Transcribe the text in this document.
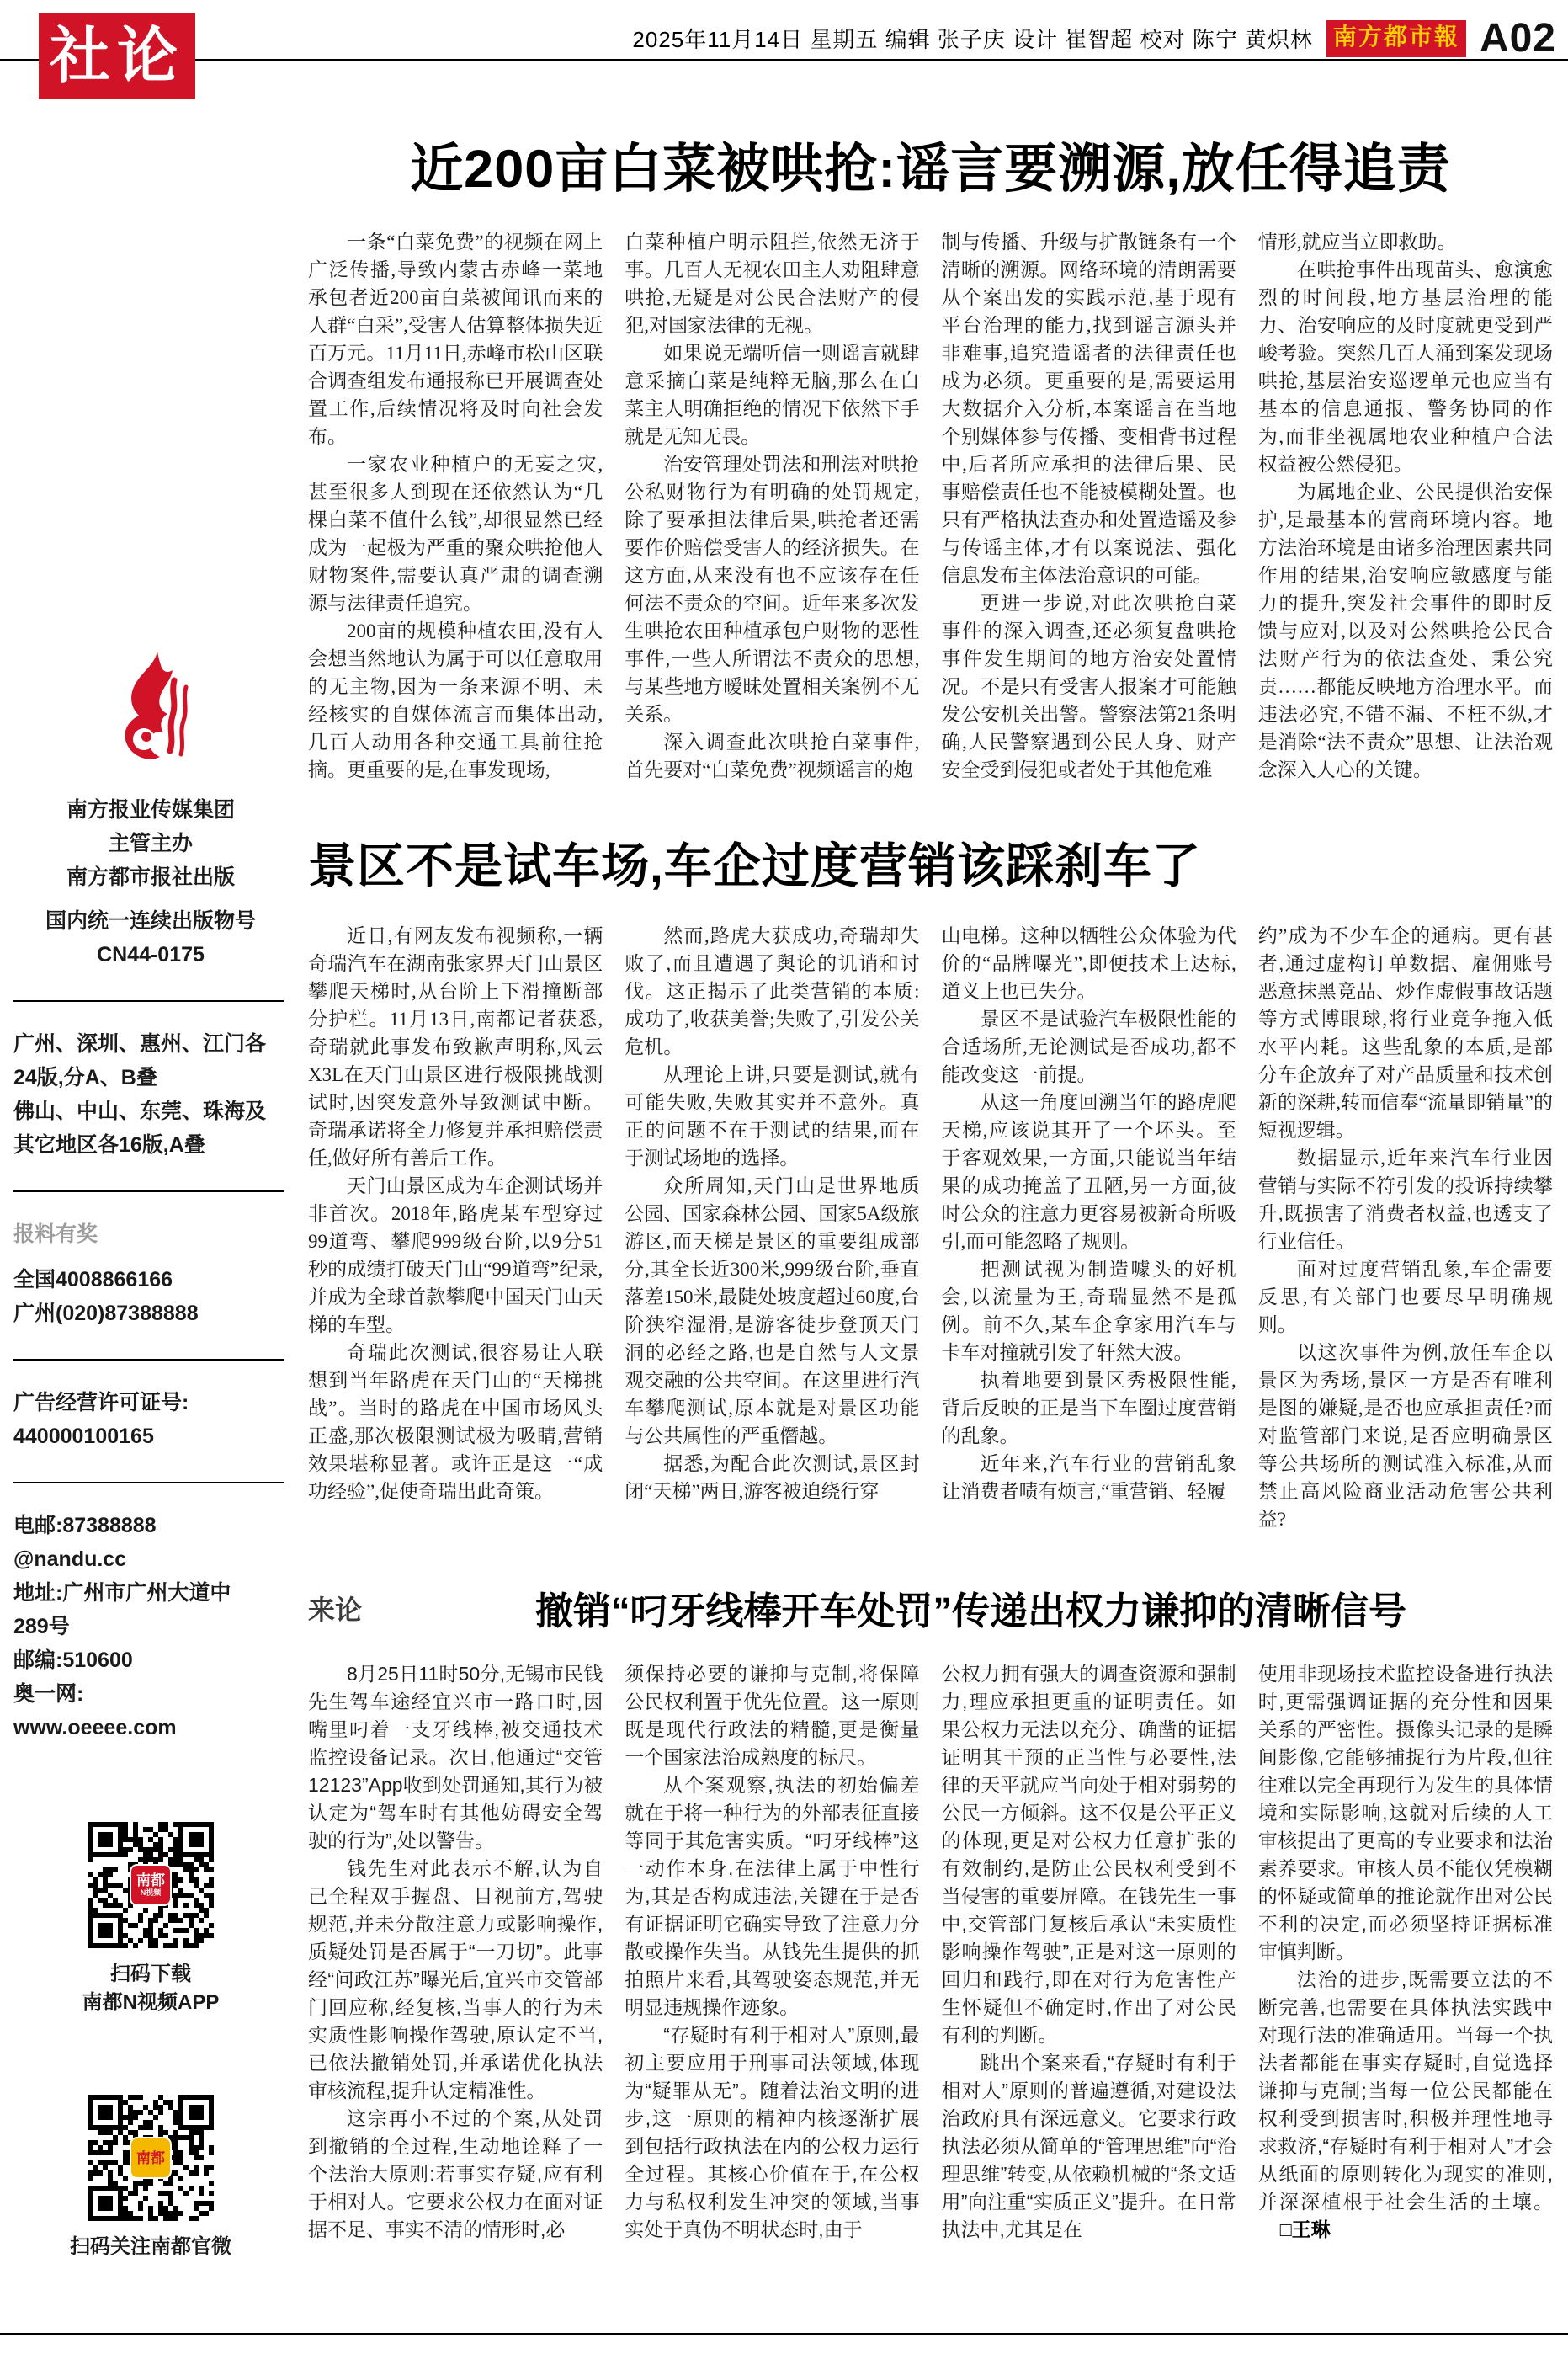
社论	2025年11月14日 星期五 编辑 张子庆 设计 崔智超 校对 陈宁 黄炽林 南方都市報 A02
南方报业传媒集团
主管主办
南方都市报社出版
国内统一连续出版物号
CN44-0175
广州、深圳、惠州、江门各
24版,分A、B叠
佛山、中山、东莞、珠海及
其它地区各16版,A叠
报料有奖
全国4008866166
广州(020)87388888
广告经营许可证号:
440000100165
电邮:87388888
@nandu.cc
地址:广州市广州大道中
289号
邮编:510600
奥一网:
www.oeeee.com
南都
N视频
扫码下载
南都N视频APP
南都
扫码关注南都官微
近200亩白菜被哄抢:谣言要溯源,放任得追责

一条“白菜免费”的视频在网上广泛传播,导致内蒙古赤峰一菜地承包者近200亩白菜被闻讯而来的人群“白采”,受害人估算整体损失近百万元。11月11日,赤峰市松山区联合调查组发布通报称已开展调查处置工作,后续情况将及时向社会发布。

一家农业种植户的无妄之灾,甚至很多人到现在还依然认为“几棵白菜不值什么钱”,却很显然已经成为一起极为严重的聚众哄抢他人财物案件,需要认真严肃的调查溯源与法律责任追究。

200亩的规模种植农田,没有人会想当然地认为属于可以任意取用的无主物,因为一条来源不明、未经核实的自媒体流言而集体出动,几百人动用各种交通工具前往抢摘。更重要的是,在事发现场,

白菜种植户明示阻拦,依然无济于事。几百人无视农田主人劝阻肆意哄抢,无疑是对公民合法财产的侵犯,对国家法律的无视。

如果说无端听信一则谣言就肆意采摘白菜是纯粹无脑,那么在白菜主人明确拒绝的情况下依然下手就是无知无畏。

治安管理处罚法和刑法对哄抢公私财物行为有明确的处罚规定,除了要承担法律后果,哄抢者还需要作价赔偿受害人的经济损失。在这方面,从来没有也不应该存在任何法不责众的空间。近年来多次发生哄抢农田种植承包户财物的恶性事件,一些人所谓法不责众的思想,与某些地方暧昧处置相关案例不无关系。

深入调查此次哄抢白菜事件,首先要对“白菜免费”视频谣言的炮

制与传播、升级与扩散链条有一个清晰的溯源。网络环境的清朗需要从个案出发的实践示范,基于现有平台治理的能力,找到谣言源头并非难事,追究造谣者的法律责任也成为必须。更重要的是,需要运用大数据介入分析,本案谣言在当地个别媒体参与传播、变相背书过程中,后者所应承担的法律后果、民事赔偿责任也不能被模糊处置。也只有严格执法查办和处置造谣及参与传谣主体,才有以案说法、强化信息发布主体法治意识的可能。

更进一步说,对此次哄抢白菜事件的深入调查,还必须复盘哄抢事件发生期间的地方治安处置情况。不是只有受害人报案才可能触发公安机关出警。警察法第21条明确,人民警察遇到公民人身、财产安全受到侵犯或者处于其他危难

情形,就应当立即救助。

在哄抢事件出现苗头、愈演愈烈的时间段,地方基层治理的能力、治安响应的及时度就更受到严峻考验。突然几百人涌到案发现场哄抢,基层治安巡逻单元也应当有基本的信息通报、警务协同的作为,而非坐视属地农业种植户合法权益被公然侵犯。

为属地企业、公民提供治安保护,是最基本的营商环境内容。地方法治环境是由诸多治理因素共同作用的结果,治安响应敏感度与能力的提升,突发社会事件的即时反馈与应对,以及对公然哄抢公民合法财产行为的依法查处、秉公究责……都能反映地方治理水平。而违法必究,不错不漏、不枉不纵,才是消除“法不责众”思想、让法治观念深入人心的关键。

景区不是试车场,车企过度营销该踩刹车了

近日,有网友发布视频称,一辆奇瑞汽车在湖南张家界天门山景区攀爬天梯时,从台阶上下滑撞断部分护栏。11月13日,南都记者获悉,奇瑞就此事发布致歉声明称,风云X3L在天门山景区进行极限挑战测试时,因突发意外导致测试中断。奇瑞承诺将全力修复并承担赔偿责任,做好所有善后工作。

天门山景区成为车企测试场并非首次。2018年,路虎某车型穿过99道弯、攀爬999级台阶,以9分51秒的成绩打破天门山“99道弯”纪录,并成为全球首款攀爬中国天门山天梯的车型。

奇瑞此次测试,很容易让人联想到当年路虎在天门山的“天梯挑战”。当时的路虎在中国市场风头正盛,那次极限测试极为吸睛,营销效果堪称显著。或许正是这一“成功经验”,促使奇瑞出此奇策。

然而,路虎大获成功,奇瑞却失败了,而且遭遇了舆论的讥诮和讨伐。这正揭示了此类营销的本质:成功了,收获美誉;失败了,引发公关危机。

从理论上讲,只要是测试,就有可能失败,失败其实并不意外。真正的问题不在于测试的结果,而在于测试场地的选择。

众所周知,天门山是世界地质公园、国家森林公园、国家5A级旅游区,而天梯是景区的重要组成部分,其全长近300米,999级台阶,垂直落差150米,最陡处坡度超过60度,台阶狭窄湿滑,是游客徒步登顶天门洞的必经之路,也是自然与人文景观交融的公共空间。在这里进行汽车攀爬测试,原本就是对景区功能与公共属性的严重僭越。

据悉,为配合此次测试,景区封闭“天梯”两日,游客被迫绕行穿

山电梯。这种以牺牲公众体验为代价的“品牌曝光”,即便技术上达标,道义上也已失分。

景区不是试验汽车极限性能的合适场所,无论测试是否成功,都不能改变这一前提。

从这一角度回溯当年的路虎爬天梯,应该说其开了一个坏头。至于客观效果,一方面,只能说当年结果的成功掩盖了丑陋,另一方面,彼时公众的注意力更容易被新奇所吸引,而可能忽略了规则。

把测试视为制造噱头的好机会,以流量为王,奇瑞显然不是孤例。前不久,某车企拿家用汽车与卡车对撞就引发了轩然大波。

执着地要到景区秀极限性能,背后反映的正是当下车圈过度营销的乱象。

近年来,汽车行业的营销乱象让消费者啧有烦言,“重营销、轻履

约”成为不少车企的通病。更有甚者,通过虚构订单数据、雇佣账号恶意抹黑竞品、炒作虚假事故话题等方式博眼球,将行业竞争拖入低水平内耗。这些乱象的本质,是部分车企放弃了对产品质量和技术创新的深耕,转而信奉“流量即销量”的短视逻辑。

数据显示,近年来汽车行业因营销与实际不符引发的投诉持续攀升,既损害了消费者权益,也透支了行业信任。

面对过度营销乱象,车企需要反思,有关部门也要尽早明确规则。

以这次事件为例,放任车企以景区为秀场,景区一方是否有唯利是图的嫌疑,是否也应承担责任?而对监管部门来说,是否应明确景区等公共场所的测试准入标准,从而禁止高风险商业活动危害公共利益?

来论	撤销“叼牙线棒开车处罚”传递出权力谦抑的清晰信号

8月25日11时50分,无锡市民钱先生驾车途经宜兴市一路口时,因嘴里叼着一支牙线棒,被交通技术监控设备记录。次日,他通过“交管12123”App收到处罚通知,其行为被认定为“驾车时有其他妨碍安全驾驶的行为”,处以警告。

钱先生对此表示不解,认为自己全程双手握盘、目视前方,驾驶规范,并未分散注意力或影响操作,质疑处罚是否属于“一刀切”。此事经“问政江苏”曝光后,宜兴市交管部门回应称,经复核,当事人的行为未实质性影响操作驾驶,原认定不当,已依法撤销处罚,并承诺优化执法审核流程,提升认定精准性。

这宗再小不过的个案,从处罚到撤销的全过程,生动地诠释了一个法治大原则:若事实存疑,应有利于相对人。它要求公权力在面对证据不足、事实不清的情形时,必

须保持必要的谦抑与克制,将保障公民权利置于优先位置。这一原则既是现代行政法的精髓,更是衡量一个国家法治成熟度的标尺。

从个案观察,执法的初始偏差就在于将一种行为的外部表征直接等同于其危害实质。“叼牙线棒”这一动作本身,在法律上属于中性行为,其是否构成违法,关键在于是否有证据证明它确实导致了注意力分散或操作失当。从钱先生提供的抓拍照片来看,其驾驶姿态规范,并无明显违规操作迹象。

“存疑时有利于相对人”原则,最初主要应用于刑事司法领域,体现为“疑罪从无”。随着法治文明的进步,这一原则的精神内核逐渐扩展到包括行政执法在内的公权力运行全过程。其核心价值在于,在公权力与私权利发生冲突的领域,当事实处于真伪不明状态时,由于

公权力拥有强大的调查资源和强制力,理应承担更重的证明责任。如果公权力无法以充分、确凿的证据证明其干预的正当性与必要性,法律的天平就应当向处于相对弱势的公民一方倾斜。这不仅是公平正义的体现,更是对公权力任意扩张的有效制约,是防止公民权利受到不当侵害的重要屏障。在钱先生一事中,交管部门复核后承认“未实质性影响操作驾驶”,正是对这一原则的回归和践行,即在对行为危害性产生怀疑但不确定时,作出了对公民有利的判断。

跳出个案来看,“存疑时有利于相对人”原则的普遍遵循,对建设法治政府具有深远意义。它要求行政执法必须从简单的“管理思维”向“治理思维”转变,从依赖机械的“条文适用”向注重“实质正义”提升。在日常执法中,尤其是在

使用非现场技术监控设备进行执法时,更需强调证据的充分性和因果关系的严密性。摄像头记录的是瞬间影像,它能够捕捉行为片段,但往往难以完全再现行为发生的具体情境和实际影响,这就对后续的人工审核提出了更高的专业要求和法治素养要求。审核人员不能仅凭模糊的怀疑或简单的推论就作出对公民不利的决定,而必须坚持证据标准审慎判断。

法治的进步,既需要立法的不断完善,也需要在具体执法实践中对现行法的准确适用。当每一个执法者都能在事实存疑时,自觉选择谦抑与克制;当每一位公民都能在权利受到损害时,积极并理性地寻求救济,“存疑时有利于相对人”才会从纸面的原则转化为现实的准则,并深深植根于社会生活的土壤。□王琳
